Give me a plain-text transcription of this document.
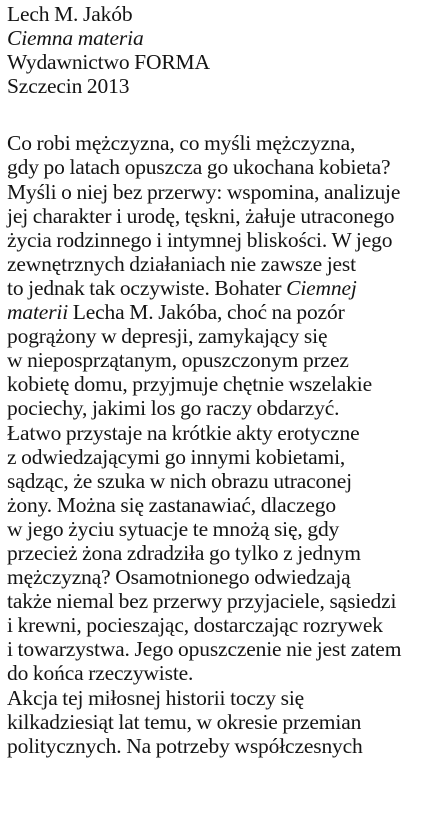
Lech M. Jakób
Ciemna materia
Wydawnictwo FORMA
Szczecin 2013
Co robi mężczyzna, co myśli mężczyzna,
gdy po latach opuszcza go ukochana kobieta?
Myśli o niej bez przerwy: wspomina, analizuje
jej charakter i urodę, tęskni, żałuje utraconego
życia rodzinnego i intymnej bliskości. W jego
zewnętrznych działaniach nie zawsze jest
to jednak tak oczywiste. Bohater Ciemnej
materii Lecha M. Jakóba, choć na pozór
pogrążony w depresji, zamykający się
w nieposprzątanym, opuszczonym przez
kobietę domu, przyjmuje chętnie wszelakie
pociechy, jakimi los go raczy obdarzyć.
Łatwo przystaje na krótkie akty erotyczne
z odwiedzającymi go innymi kobietami,
sądząc, że szuka w nich obrazu utraconej
żony. Można się zastanawiać, dlaczego
w jego życiu sytuacje te mnożą się, gdy
przecież żona zdradziła go tylko z jednym
mężczyzną? Osamotnionego odwiedzają
także niemal bez przerwy przyjaciele, sąsiedzi
i krewni, pocieszając, dostarczając rozrywek
i towarzystwa. Jego opuszczenie nie jest zatem
do końca rzeczywiste.
Akcja tej miłosnej historii toczy się
kilkadziesiąt lat temu, w okresie przemian
politycznych. Na potrzeby współczesnych
